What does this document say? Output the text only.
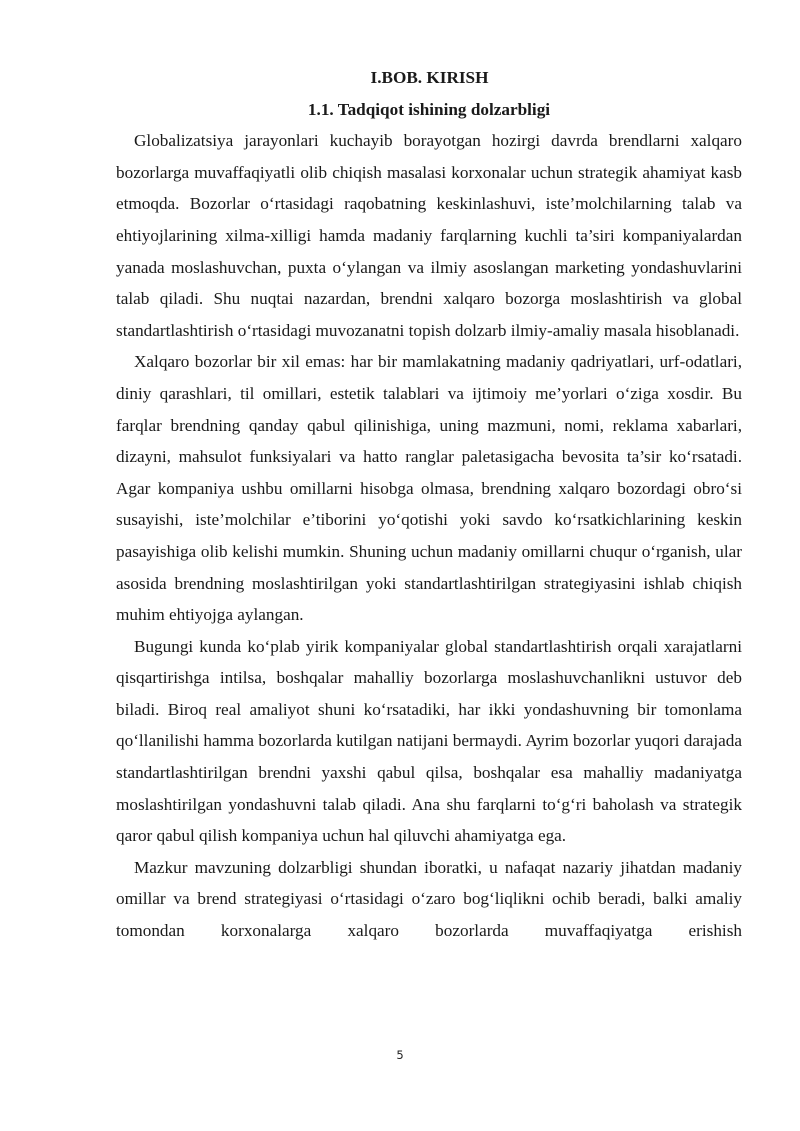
I.BOB. KIRISH

1.1. Tadqiqot ishining dolzarbligi

Globalizatsiya jarayonlari kuchayib borayotgan hozirgi davrda brendlarni xalqaro bozorlarga muvaffaqiyatli olib chiqish masalasi korxonalar uchun strategik ahamiyat kasb etmoqda. Bozorlar o‘rtasidagi raqobatning keskinlashuvi, iste’molchilarning talab va ehtiyojlarining xilma-xilligi hamda madaniy farqlarning kuchli ta’siri kompaniyalardan yanada moslashuvchan, puxta o‘ylangan va ilmiy asoslangan marketing yondashuvlarini talab qiladi. Shu nuqtai nazardan, brendni xalqaro bozorga moslashtirish va global standartlashtirish o‘rtasidagi muvozanatni topish dolzarb ilmiy-amaliy masala hisoblanadi.

Xalqaro bozorlar bir xil emas: har bir mamlakatning madaniy qadriyatlari, urf-odatlari, diniy qarashlari, til omillari, estetik talablari va ijtimoiy me’yorlari o‘ziga xosdir. Bu farqlar brendning qanday qabul qilinishiga, uning mazmuni, nomi, reklama xabarlari, dizayni, mahsulot funksiyalari va hatto ranglar paletasigacha bevosita ta’sir ko‘rsatadi. Agar kompaniya ushbu omillarni hisobga olmasa, brendning xalqaro bozordagi obro‘si susayishi, iste’molchilar e’tiborini yo‘qotishi yoki savdo ko‘rsatkichlarining keskin pasayishiga olib kelishi mumkin. Shuning uchun madaniy omillarni chuqur o‘rganish, ular asosida brendning moslashtirilgan yoki standartlashtirilgan strategiyasini ishlab chiqish muhim ehtiyojga aylangan.

Bugungi kunda ko‘plab yirik kompaniyalar global standartlashtirish orqali xarajatlarni qisqartirishga intilsa, boshqalar mahalliy bozorlarga moslashuvchanlikni ustuvor deb biladi. Biroq real amaliyot shuni ko‘rsatadiki, har ikki yondashuvning bir tomonlama qo‘llanilishi hamma bozorlarda kutilgan natijani bermaydi. Ayrim bozorlar yuqori darajada standartlashtirilgan brendni yaxshi qabul qilsa, boshqalar esa mahalliy madaniyatga moslashtirilgan yondashuvni talab qiladi. Ana shu farqlarni to‘g‘ri baholash va strategik qaror qabul qilish kompaniya uchun hal qiluvchi ahamiyatga ega.

Mazkur mavzuning dolzarbligi shundan iboratki, u nafaqat nazariy jihatdan madaniy omillar va brend strategiyasi o‘rtasidagi o‘zaro bog‘liqlikni ochib beradi, balki amaliy tomondan korxonalarga xalqaro bozorlarda muvaffaqiyatga erishish

5
